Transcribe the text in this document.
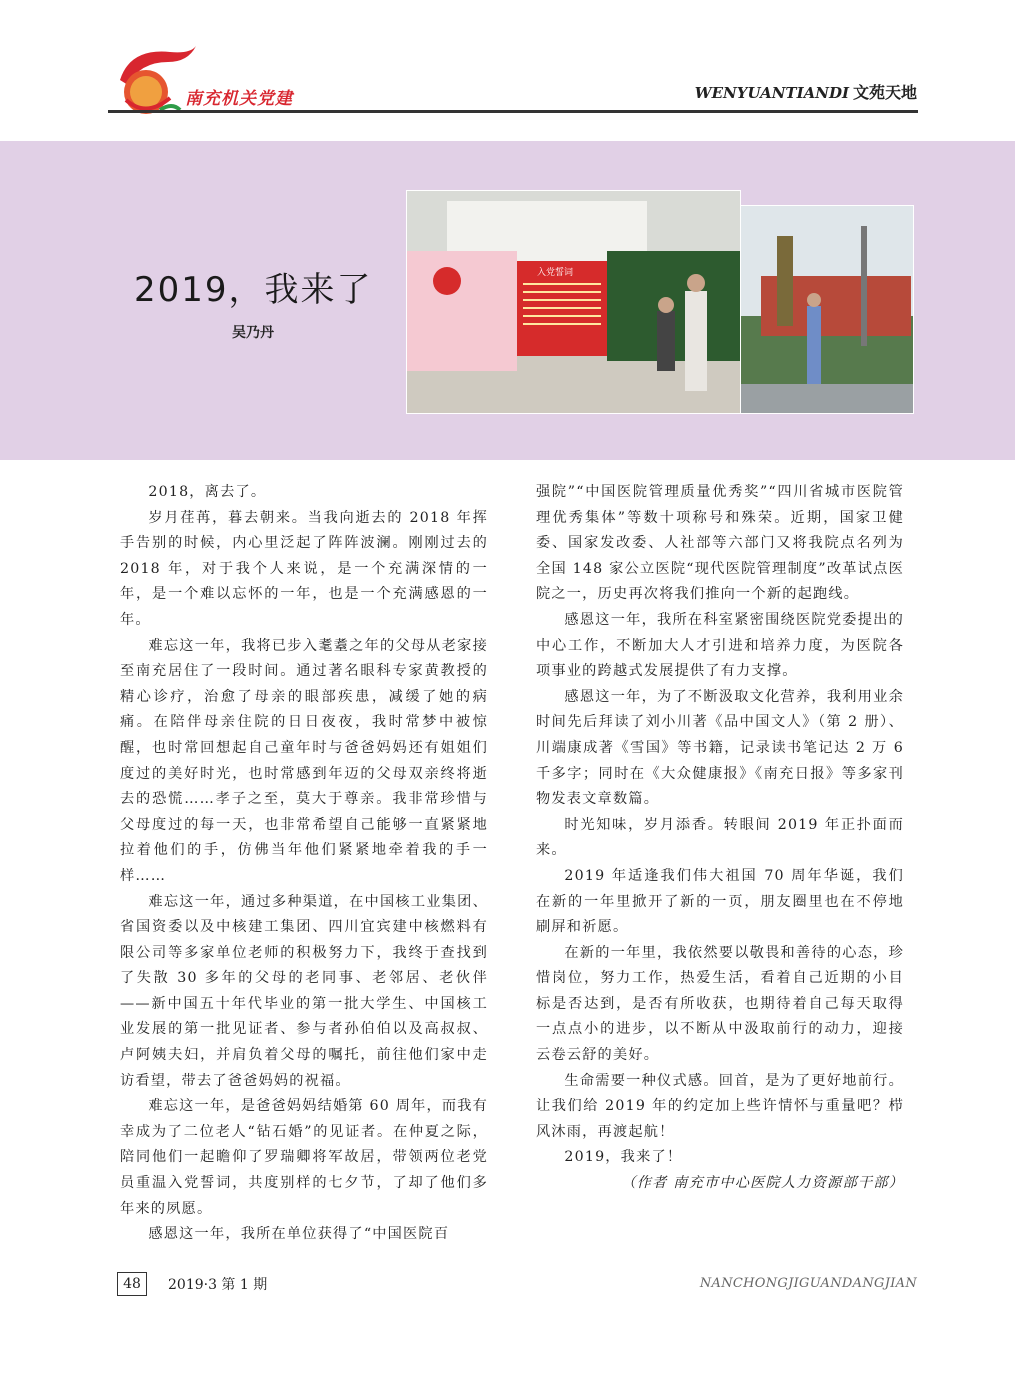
南充机关党建	WENYUANTIANDI 文苑天地
2019，我来了
吴乃丹
入党誓词

2018，离去了。

岁月荏苒，暮去朝来。当我向逝去的 2018 年挥手告别的时候，内心里泛起了阵阵波澜。刚刚过去的 2018 年，对于我个人来说，是一个充满深情的一年，是一个难以忘怀的一年，也是一个充满感恩的一年。

难忘这一年，我将已步入耄耋之年的父母从老家接至南充居住了一段时间。通过著名眼科专家黄教授的精心诊疗，治愈了母亲的眼部疾患，减缓了她的病痛。在陪伴母亲住院的日日夜夜，我时常梦中被惊醒，也时常回想起自己童年时与爸爸妈妈还有姐姐们度过的美好时光，也时常感到年迈的父母双亲终将逝去的恐慌……孝子之至，莫大于尊亲。我非常珍惜与父母度过的每一天，也非常希望自己能够一直紧紧地拉着他们的手，仿佛当年他们紧紧地牵着我的手一样……

难忘这一年，通过多种渠道，在中国核工业集团、省国资委以及中核建工集团、四川宜宾建中核燃料有限公司等多家单位老师的积极努力下，我终于查找到了失散 30 多年的父母的老同事、老邻居、老伙伴——新中国五十年代毕业的第一批大学生、中国核工业发展的第一批见证者、参与者孙伯伯以及高叔叔、卢阿姨夫妇，并肩负着父母的嘱托，前往他们家中走访看望，带去了爸爸妈妈的祝福。

难忘这一年，是爸爸妈妈结婚第 60 周年，而我有幸成为了二位老人“钻石婚”的见证者。在仲夏之际，陪同他们一起瞻仰了罗瑞卿将军故居，带领两位老党员重温入党誓词，共度别样的七夕节，了却了他们多年来的夙愿。

感恩这一年，我所在单位获得了“中国医院百

强院”“中国医院管理质量优秀奖”“四川省城市医院管理优秀集体”等数十项称号和殊荣。近期，国家卫健委、国家发改委、人社部等六部门又将我院点名列为全国 148 家公立医院“现代医院管理制度”改革试点医院之一，历史再次将我们推向一个新的起跑线。

感恩这一年，我所在科室紧密围绕医院党委提出的中心工作，不断加大人才引进和培养力度，为医院各项事业的跨越式发展提供了有力支撑。

感恩这一年，为了不断汲取文化营养，我利用业余时间先后拜读了刘小川著《品中国文人》（第 2 册）、川端康成著《雪国》等书籍，记录读书笔记达 2 万 6 千多字；同时在《大众健康报》《南充日报》等多家刊物发表文章数篇。

时光知味，岁月添香。转眼间 2019 年正扑面而来。

2019 年适逢我们伟大祖国 70 周年华诞，我们在新的一年里掀开了新的一页，朋友圈里也在不停地刷屏和祈愿。

在新的一年里，我依然要以敬畏和善待的心态，珍惜岗位，努力工作，热爱生活，看着自己近期的小目标是否达到，是否有所收获，也期待着自己每天取得一点点小的进步，以不断从中汲取前行的动力，迎接云卷云舒的美好。

生命需要一种仪式感。回首，是为了更好地前行。让我们给 2019 年的约定加上些许情怀与重量吧？栉风沐雨，再渡起航！

2019，我来了！

（作者 南充市中心医院人力资源部干部）

48	2019·3 第 1 期	NANCHONGJIGUANDANGJIAN
